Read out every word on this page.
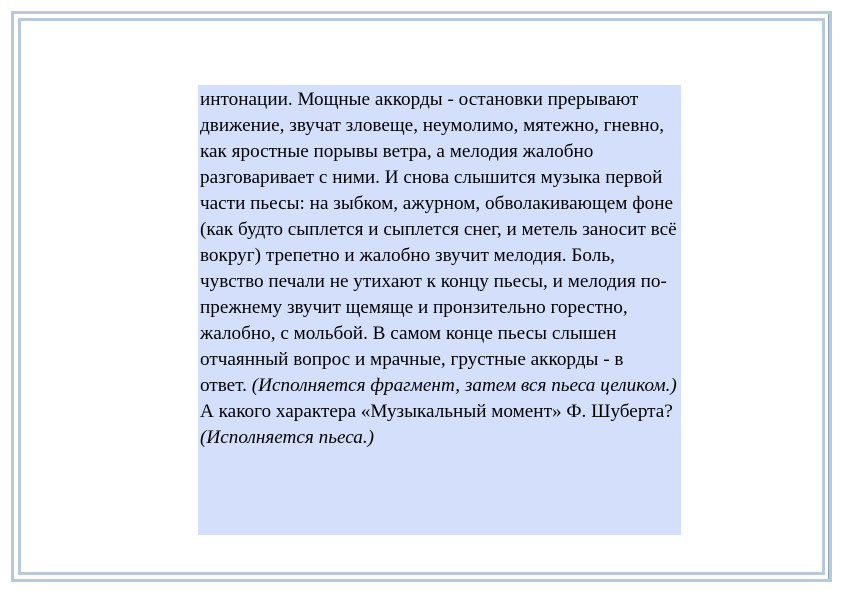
интонации. Мощные аккорды - остановки прерывают движение, звучат зловеще, неумолимо, мятежно, гневно, как яростные порывы ветра, а мелодия жалобно разговаривает с ними. И снова слышится музыка первой части пьесы: на зыбком, ажурном, обволакивающем фоне (как будто сыплется и сыплется снег, и метель заносит всё вокруг) трепетно и жалобно звучит мелодия. Боль, чувство печали не утихают к концу пьесы, и мелодия по-прежнему звучит щемяще и пронзительно горестно, жалобно, с мольбой. В самом конце пьесы слышен отчаянный вопрос и мрачные, грустные аккорды - в
ответ. (Исполняется фрагмент, затем вся пьеса целиком.)

А какого характера «Музыкальный момент» Ф. Шуберта? (Исполняется пьеса.)
